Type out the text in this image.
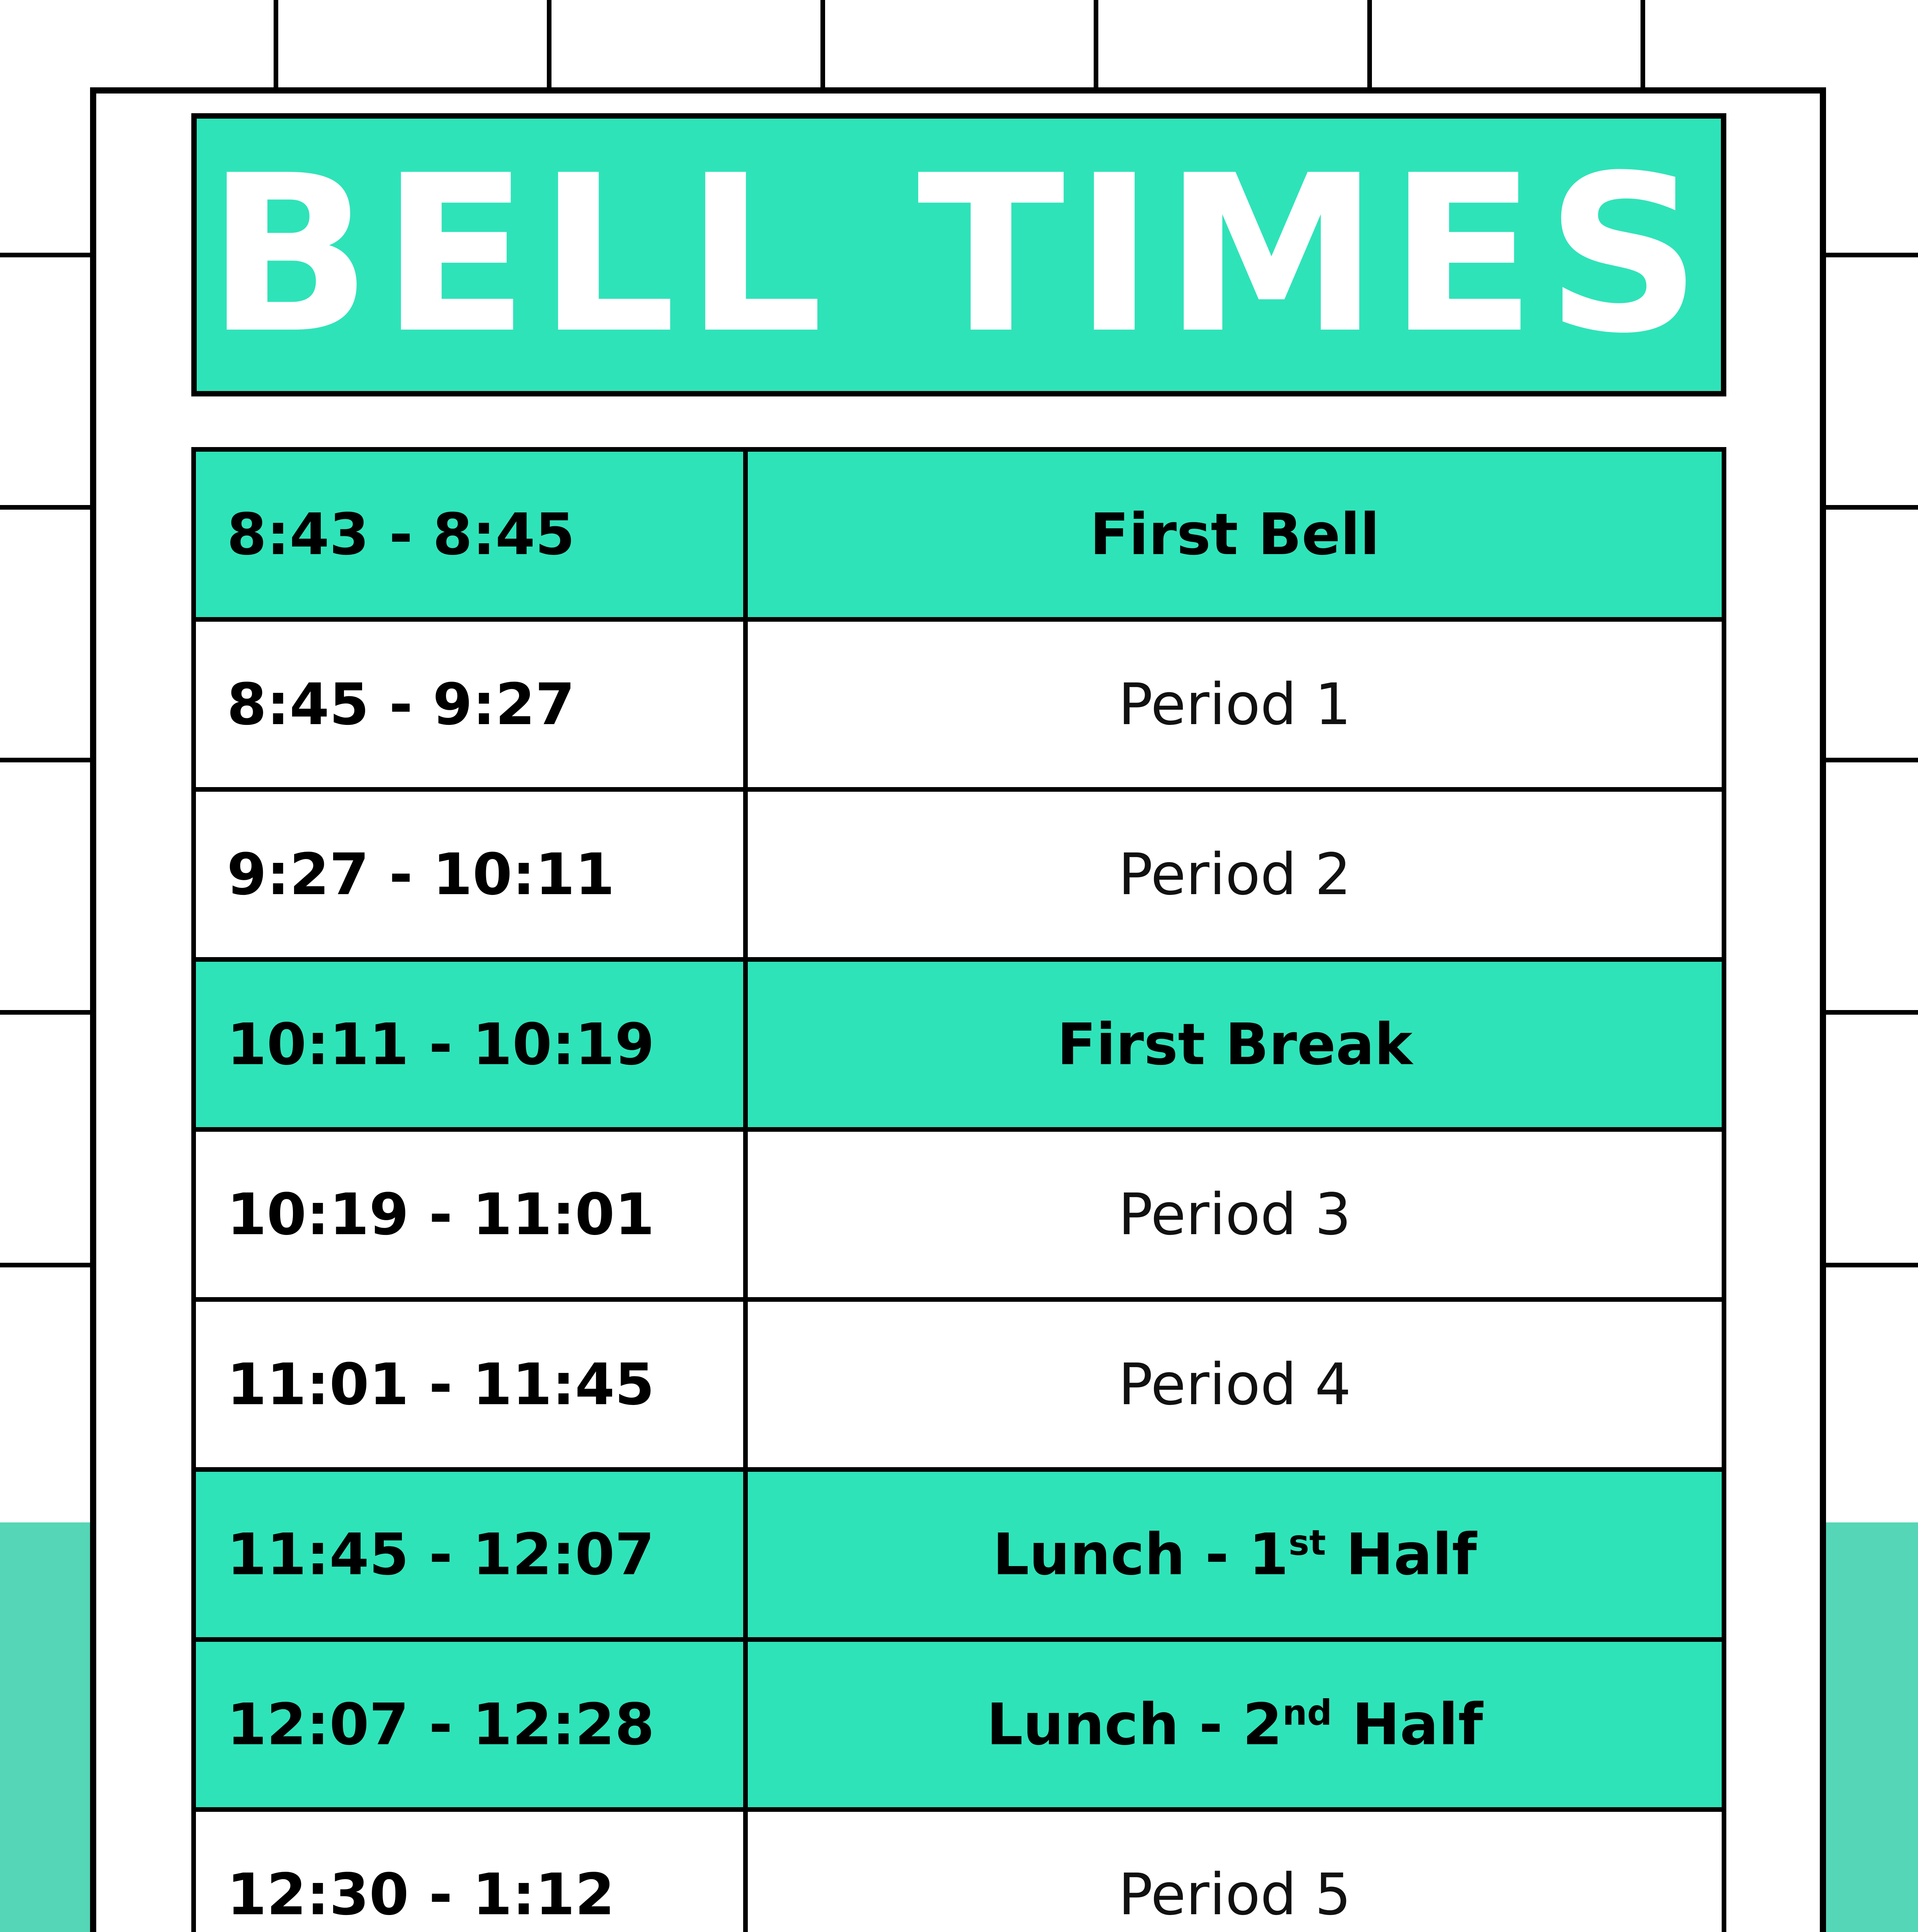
BELL TIMES
8:43 - 8:45	First Bell
8:45 - 9:27	Period 1
9:27 - 10:11	Period 2
10:11 - 10:19	First Break
10:19 - 11:01	Period 3
11:01 - 11:45	Period 4
11:45 - 12:07	Lunch - 1st Half
12:07 - 12:28	Lunch - 2nd Half
12:30 - 1:12	Period 5
